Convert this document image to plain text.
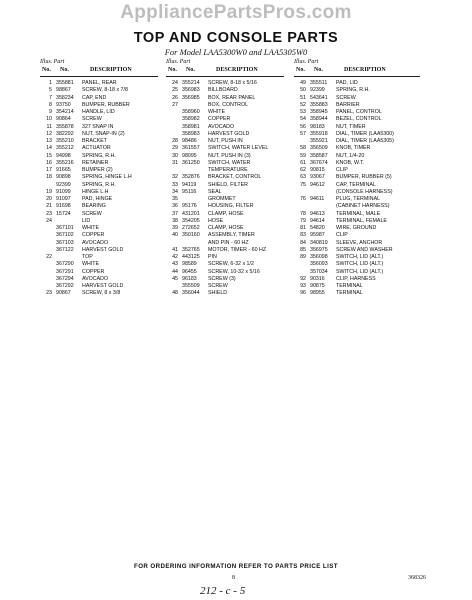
AppliancePartsPros.com
TOP AND CONSOLE PARTS
For Model LAA5300W0 and LAA5305W0
Illus. Part
No. No.	DESCRIPTION
1 355881 PANEL, REAR
5 98867 SCREW, 8-18 x 7/8
7 358234 CAP, END
8 93750 BUMPER, RUBBER
9 354214 HANDLE, LID
10 90864 SCREW
11 355878 327 SNAP IN
12 382292 NUT, SNAP-IN (2)
13 355210 BRACKET
14 355212 ACTUATOR
15 94998 SPRING, R.H.
16 355216 RETAINER
17 91665 BUMPER (2)
18 90898 SPRING, HINGE L.H
92399 SPRING, R.H.
19 91099 HINGE L.H
20 91097 PAD, HINGE
21 91698 BEARING
23 15724 SCREW
24	LID
367101 WHITE
367102 COPPER
367103 AVOCADO
367122 HARVEST GOLD
22	TOP
367290 WHITE
367291 COPPER
367294 AVOCADO
367292 HARVEST GOLD
23 90867 SCREW, 8 x 3/8
Illus. Part
No. No.	DESCRIPTION
24 355214 SCREW, 8-18 x 5/16
25 356983 BILLBOARD
26 356985 BOX, REAR PANEL
27	BOX, CONTROL
358960 WHITE
358982 COPPER
358981 AVOCADO
358983 HARVEST GOLD
28 98486 NUT, PUSH IN
29 361557 SWITCH, WATER LEVEL
30 98095 NUT, PUSH IN (3)
31 361250 SWITCH, WATER
TEMPERATURE
32 352876 BRACKET, CONTROL
33 94119 SHIELD, FILTER
34 95116 SEAL
35	GROMMET
36 95176 HOUSING, FILTER
37 431201 CLAMP, HOSE
38 354205 HOSE
39 272652 CLAMP, HOSE
40 350160 ASSEMBLY, TIMER
AND PIN - 60 HZ
41 352765 MOTOR, TIMER - 60 HZ
42 443125 PIN
43 98589 SCREW, 6-32 x 1/2
44 96455 SCREW, 10-32 x 5/16
45 96183 SCREW (3)
355509 SCREW
48 356044 SHIELD
Illus. Part
No. No.	DESCRIPTION
49 355511 PAD, LID
50 92399 SPRING, R.H.
51 543641 SCREW
52 355883 BARRIER
53 358945 PANEL, CONTROL
54 358944 BEZEL, CONTROL
56 98183 NUT, TIMER
57 355918 DIAL, TIMER (LAA5300)
355921 DIAL, TIMER (LAA5305)
58 356509 KNOB, TIMER
59 358587 NUT, 1/4-20
61 367674 KNOB, W.T.
62 90815 CLIP
63 93067 BUMPER, RUBBER (5)
75 94612 CAP, TERMINAL
(CONSOLE HARNESS)
76 94611 PLUG, TERMINAL
(CABINET HARNESS)
78 94613 TERMINAL, MALE
79 94614 TERMINAL, FEMALE
81 54820 WIRE, GROUND
83 95987 CLIP
84 340819 SLEEVE, ANCHOR
85 356975 SCREW AND WASHER
89 356098 SWITCH, LID (ALT.)
356093 SWITCH, LID (ALT.)
357034 SWITCH, LID (ALT.)
92 90316 CLIP, HARNESS
93 90875 TERMINAL
96 98955 TERMINAL
FOR ORDERING INFORMATION REFER TO PARTS PRICE LIST
8	368326
212 - c - 5
